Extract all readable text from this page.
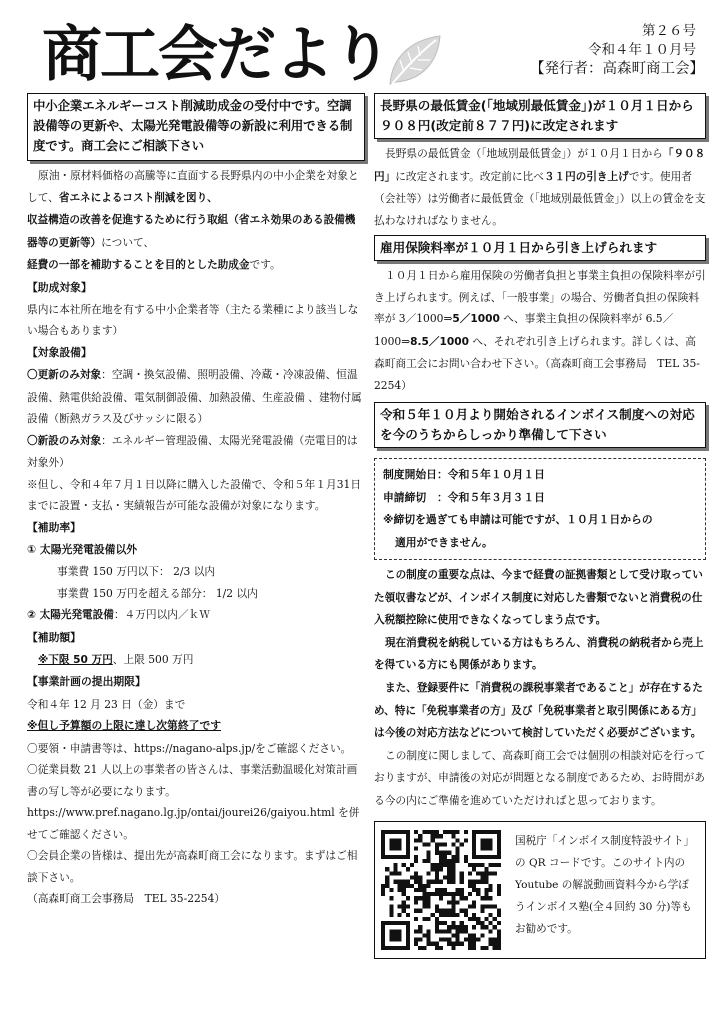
商工会だより	第２６号
令和４年１０月号
【発行者：高森町商工会】
中小企業エネルギーコスト削減助成金の受付中です。空調設備等の更新や、太陽光発電設備等の新設に利用できる制度です。商工会にご相談下さい
原油・原材料価格の高騰等に直面する長野県内の中小企業を対象として、省エネによるコスト削減を図り、
収益構造の改善を促進するために行う取組（省エネ効果のある設備機器等の更新等）について、
経費の一部を補助することを目的とした助成金です。
【助成対象】
県内に本社所在地を有する中小企業者等（主たる業種により該当しない場合もあります）
【対象設備】
〇更新のみ対象：空調・換気設備、照明設備、冷蔵・冷凍設備、恒温設備、熱電供給設備、電気制御設備、加熱設備、生産設備 、建物付属設備（断熱ガラス及びサッシに限る）
〇新設のみ対象：エネルギー管理設備、太陽光発電設備（売電目的は対象外）
※但し、令和４年７月１日以降に購入した設備で、令和５年１月31日までに設置・支払・実績報告が可能な設備が対象になります。
【補助率】
① 太陽光発電設備以外
事業費 150 万円以下： 2/3 以内
事業費 150 万円を超える部分： 1/2 以内
② 太陽光発電設備：４万円以内／ｋＷ
【補助額】
※下限 50 万円、上限 500 万円
【事業計画の提出期限】
令和４年 12 月 23 日（金）まで
※但し予算額の上限に達し次第終了です
〇要領・申請書等は、https://nagano-alps.jp/をご確認ください。
〇従業員数 21 人以上の事業者の皆さんは、事業活動温暖化対策計画書の写し等が必要になります。
https://www.pref.nagano.lg.jp/ontai/jourei26/gaiyou.html を併せてご確認ください。
〇会員企業の皆様は、提出先が高森町商工会になります。まずはご相談下さい。
（高森町商工会事務局　TEL 35-2254）
長野県の最低賃金(「地域別最低賃金」)が１０月１日から９０８円(改定前８７７円)に改定されます
長野県の最低賃金（「地域別最低賃金」）が１０月１日から「９０８円」に改定されます。改定前に比べ３１円の引き上げです。使用者（会社等）は労働者に最低賃金（「地域別最低賃金」）以上の賃金を支払わなければなりません。
雇用保険料率が１０月１日から引き上げられます
１０月１日から雇用保険の労働者負担と事業主負担の保険料率が引き上げられます。例えば、「一般事業」の場合、労働者負担の保険料率が 3／1000⇒5／1000 へ、事業主負担の保険料率が 6.5／1000⇒8.5／1000 へ、それぞれ引き上げられます。詳しくは、高森町商工会にお問い合わせ下さい。（高森町商工会事務局　TEL 35-2254）
令和５年１０月より開始されるインボイス制度への対応を今のうちからしっかり準備して下さい
制度開始日：令和５年１０月１日
申請締切　：令和５年３月３１日
※締切を過ぎても申請は可能ですが、１０月１日からの
適用ができません。
この制度の重要な点は、今まで経費の証拠書類として受け取っていた領収書などが、インボイス制度に対応した書類でないと消費税の仕入税額控除に使用できなくなってしまう点です。
現在消費税を納税している方はもちろん、消費税の納税者から売上を得ている方にも関係があります。
また、登録要件に「消費税の課税事業者であること」が存在するため、特に「免税事業者の方」及び「免税事業者と取引関係にある方」は今後の対応方法などについて検討していただく必要がございます。
この制度に関しまして、高森町商工会では個別の相談対応を行っておりますが、申請後の対応が問題となる制度であるため、お時間がある今の内にご準備を進めていただければと思っております。
国税庁「インボイス制度特設サイト」の QR コードです。このサイト内の Youtube の解説動画資料今から学ぼうインボイス塾(全４回約 30 分)等もお勧めです。
